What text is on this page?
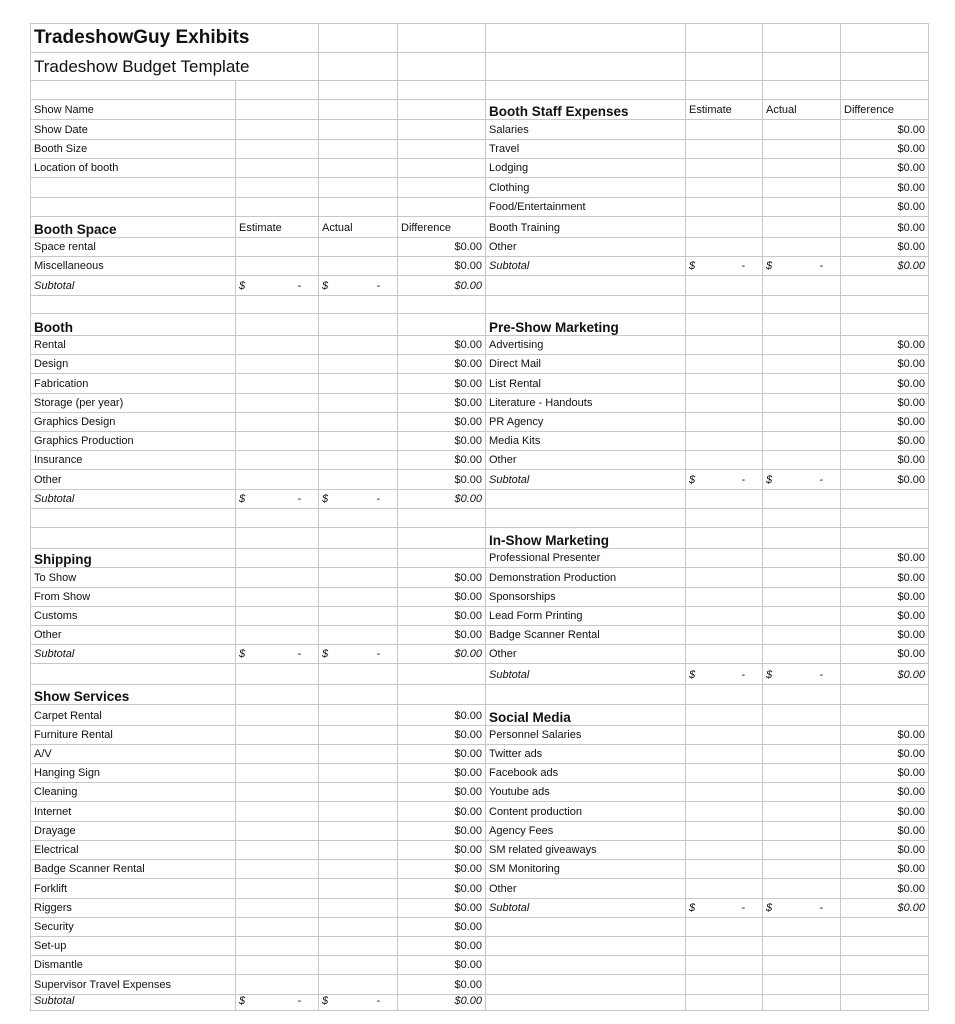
TradeshowGuy Exhibits							
Tradeshow Budget Template							

Show Name				Booth Staff Expenses	Estimate	Actual	Difference
Show Date				Salaries			$0.00
Booth Size				Travel			$0.00
Location of booth				Lodging			$0.00
				Clothing			$0.00
				Food/Entertainment			$0.00
Booth Space	Estimate	Actual	Difference	Booth Training			$0.00
Space rental			$0.00	Other			$0.00
Miscellaneous			$0.00	Subtotal	$ -	$ -	$0.00
Subtotal	$ -	$ -	$0.00				

Booth				Pre-Show Marketing			
Rental			$0.00	Advertising			$0.00
Design			$0.00	Direct Mail			$0.00
Fabrication			$0.00	List Rental			$0.00
Storage (per year)			$0.00	Literature - Handouts			$0.00
Graphics Design			$0.00	PR Agency			$0.00
Graphics Production			$0.00	Media Kits			$0.00
Insurance			$0.00	Other			$0.00
Other			$0.00	Subtotal	$ -	$ -	$0.00
Subtotal	$ -	$ -	$0.00				

				In-Show Marketing			
Shipping				Professional Presenter			$0.00
To Show			$0.00	Demonstration Production			$0.00
From Show			$0.00	Sponsorships			$0.00
Customs			$0.00	Lead Form Printing			$0.00
Other			$0.00	Badge Scanner Rental			$0.00
Subtotal	$ -	$ -	$0.00	Other			$0.00
				Subtotal	$ -	$ -	$0.00
Show Services							
Carpet Rental			$0.00	Social Media			
Furniture Rental			$0.00	Personnel Salaries			$0.00
A/V			$0.00	Twitter ads			$0.00
Hanging Sign			$0.00	Facebook ads			$0.00
Cleaning			$0.00	Youtube ads			$0.00
Internet			$0.00	Content production			$0.00
Drayage			$0.00	Agency Fees			$0.00
Electrical			$0.00	SM related giveaways			$0.00
Badge Scanner Rental			$0.00	SM Monitoring			$0.00
Forklift			$0.00	Other			$0.00
Riggers			$0.00	Subtotal	$ -	$ -	$0.00
Security			$0.00				
Set-up			$0.00				
Dismantle			$0.00				
Supervisor Travel Expenses			$0.00				
Subtotal	$ -	$ -	$0.00				
